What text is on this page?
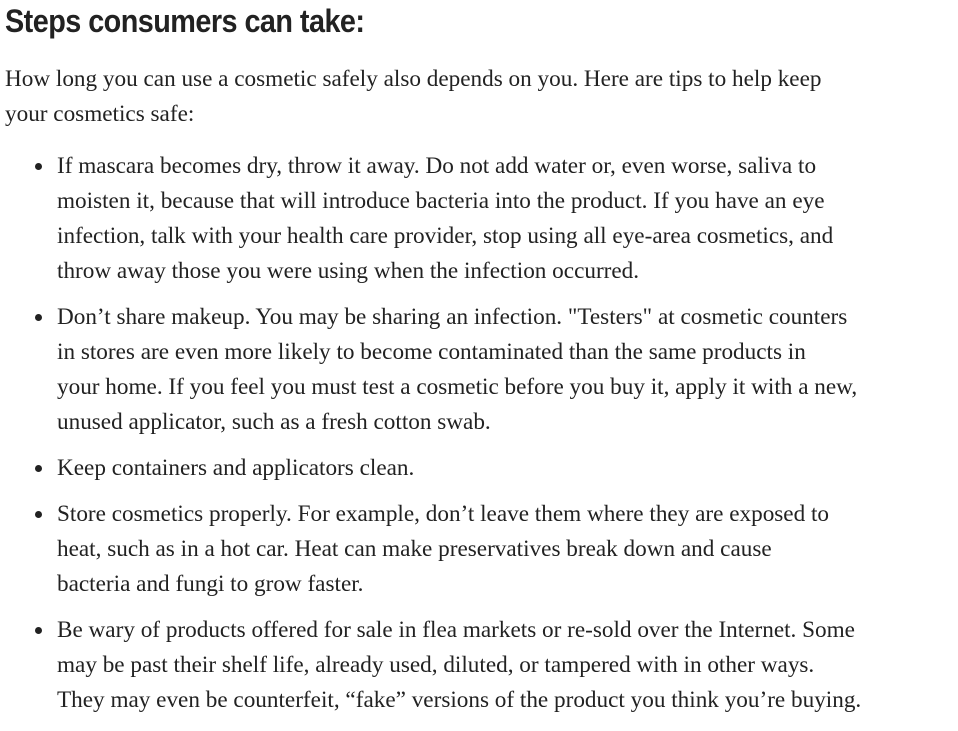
Steps consumers can take:

How long you can use a cosmetic safely also depends on you. Here are tips to help keep
your cosmetics safe:

If mascara becomes dry, throw it away. Do not add water or, even worse, saliva to
moisten it, because that will introduce bacteria into the product. If you have an eye
infection, talk with your health care provider, stop using all eye-area cosmetics, and
throw away those you were using when the infection occurred.
Don’t share makeup. You may be sharing an infection. "Testers" at cosmetic counters
in stores are even more likely to become contaminated than the same products in
your home. If you feel you must test a cosmetic before you buy it, apply it with a new,
unused applicator, such as a fresh cotton swab.
Keep containers and applicators clean.
Store cosmetics properly. For example, don’t leave them where they are exposed to
heat, such as in a hot car. Heat can make preservatives break down and cause
bacteria and fungi to grow faster.
Be wary of products offered for sale in flea markets or re-sold over the Internet. Some
may be past their shelf life, already used, diluted, or tampered with in other ways.
They may even be counterfeit, “fake” versions of the product you think you’re buying.
